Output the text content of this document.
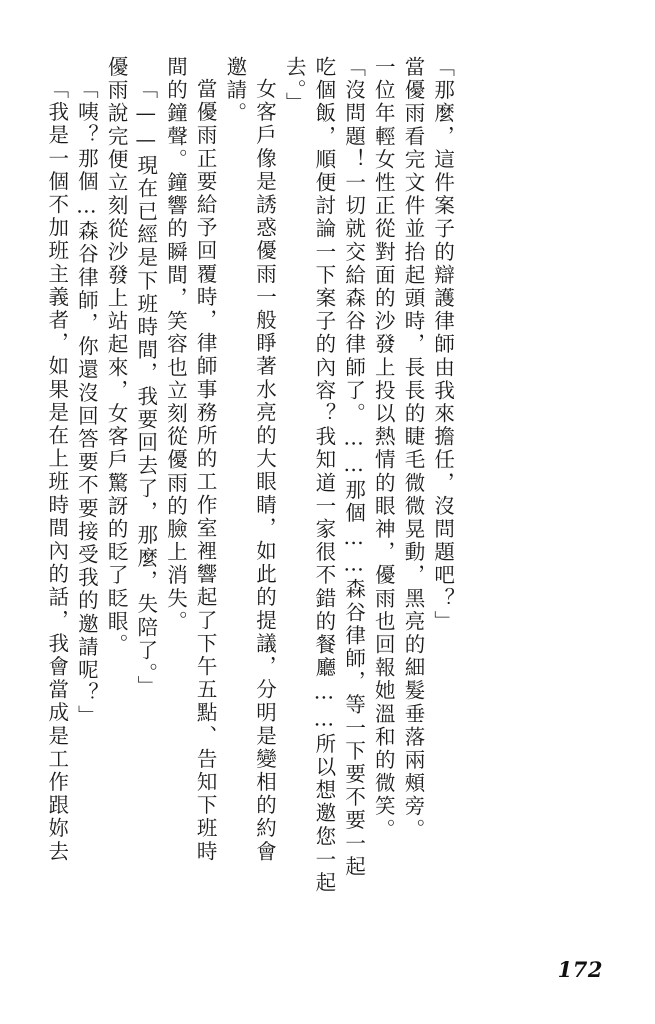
「我是一個不加班主義者，如果是在上班時間內的話，我會當成是工作跟妳去 「咦？那個…森谷律師，你還沒回答要不要接受我的邀請呢？」 優雨說完便立刻從沙發上站起來，女客戶驚訝的眨了眨眼。 「——現在已經是下班時間，我要回去了，那麼，失陪了。」 間的鐘聲。鐘響的瞬間，笑容也立刻從優雨的臉上消失。 當優雨正要給予回覆時，律師事務所的工作室裡響起了下午五點、告知下班時 邀請。 女客戶像是誘惑優雨一般睜著水亮的大眼睛，如此的提議，分明是變相的約會 去。」 吃個飯，順便討論一下案子的內容？我知道一家很不錯的餐廳……所以想邀您一起 「沒問題！一切就交給森谷律師了。……那個……森谷律師，等一下要不要一起 一位年輕女性正從對面的沙發上投以熱情的眼神，優雨也回報她溫和的微笑。 當優雨看完文件並抬起頭時，長長的睫毛微微晃動，黑亮的細髮垂落兩頰旁。 「那麼，這件案子的辯護律師由我來擔任，沒問題吧？」
172
